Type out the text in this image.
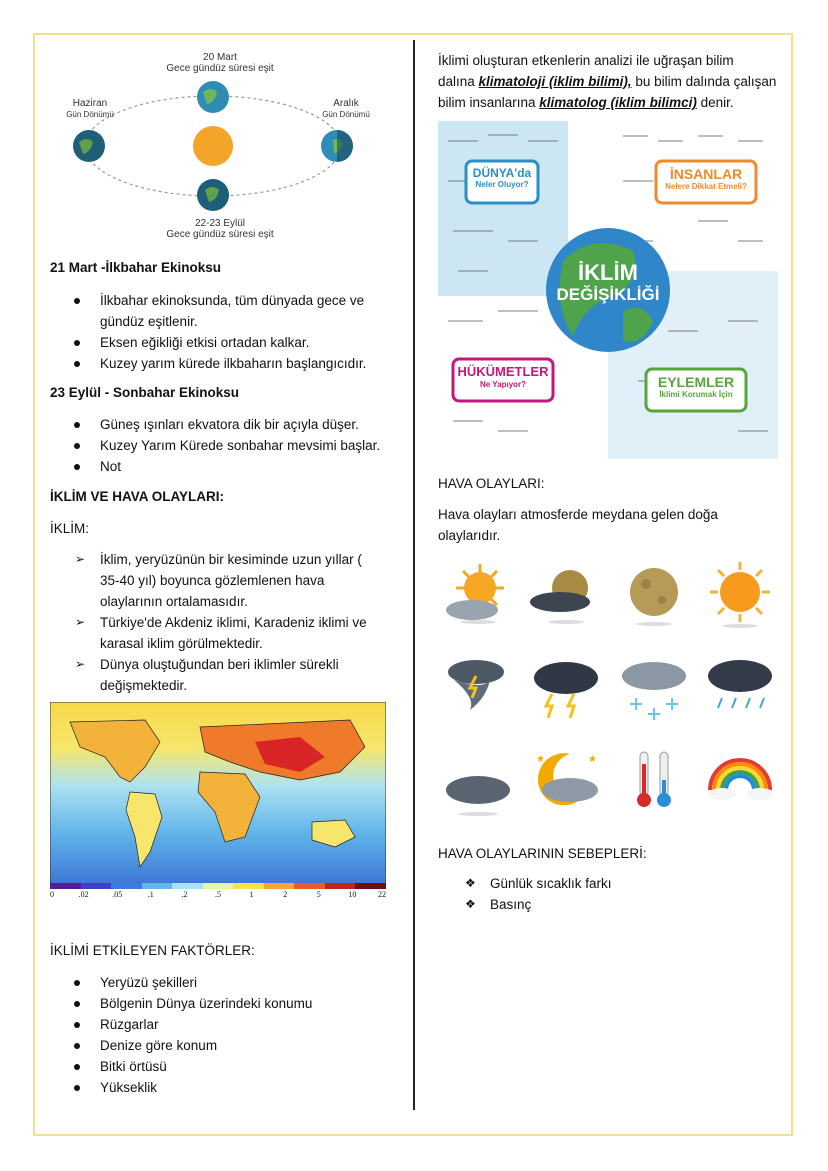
20 Mart
Gece gündüz süresi eşit
Haziran
Gün Dönümü
Aralık
Gün Dönümü
22-23 Eylül
Gece gündüz süresi eşit
21 Mart -İlkbahar Ekinoksu
İlkbahar ekinoksunda, tüm dünyada gece ve
gündüz eşitlenir.
Eksen eğikliği etkisi ortadan kalkar.
Kuzey yarım kürede ilkbaharın başlangıcıdır.
23 Eylül - Sonbahar Ekinoksu
Güneş ışınları ekvatora dik bir açıyla düşer.
Kuzey Yarım Kürede sonbahar mevsimi başlar.
Not
İKLİM VE HAVA OLAYLARI:
İKLİM:
➢ İklim, yeryüzünün bir kesiminde uzun yıllar (
35-40 yıl) boyunca gözlemlenen hava
olaylarının ortalamasıdır.
➢ Türkiye'de Akdeniz iklimi, Karadeniz iklimi ve
karasal iklim görülmektedir.
➢ Dünya oluştuğundan beri iklimler sürekli
değişmektedir.
0	.02	.05	.1	.2	.5	1	2	5	10	22
İKLİMİ ETKİLEYEN FAKTÖRLER:
Yeryüzü şekilleri
Bölgenin Dünya üzerindeki konumu
Rüzgarlar
Denize göre konum
Bitki örtüsü
Yükseklik
İklimi oluşturan etkenlerin analizi ile uğraşan bilim
dalına klimatoloji (iklim bilimi), bu bilim dalında çalışan
bilim insanlarına klimatolog (iklim bilimci) denir.
İKLİM
DEĞİŞİKLİĞİ
DÜNYA'da
Neler Oluyor?
İNSANLAR
Nelere Dikkat Etmeli?
HÜKÜMETLER
Ne Yapıyor?	EYLEMLER
İklimi Korumak İçin
HAVA OLAYLARI:
Hava olayları atmosferde meydana gelen doğa
olaylarıdır.
★	★
HAVA OLAYLARININ SEBEPLERİ:
❖ Günlük sıcaklık farkı
❖ Basınç
